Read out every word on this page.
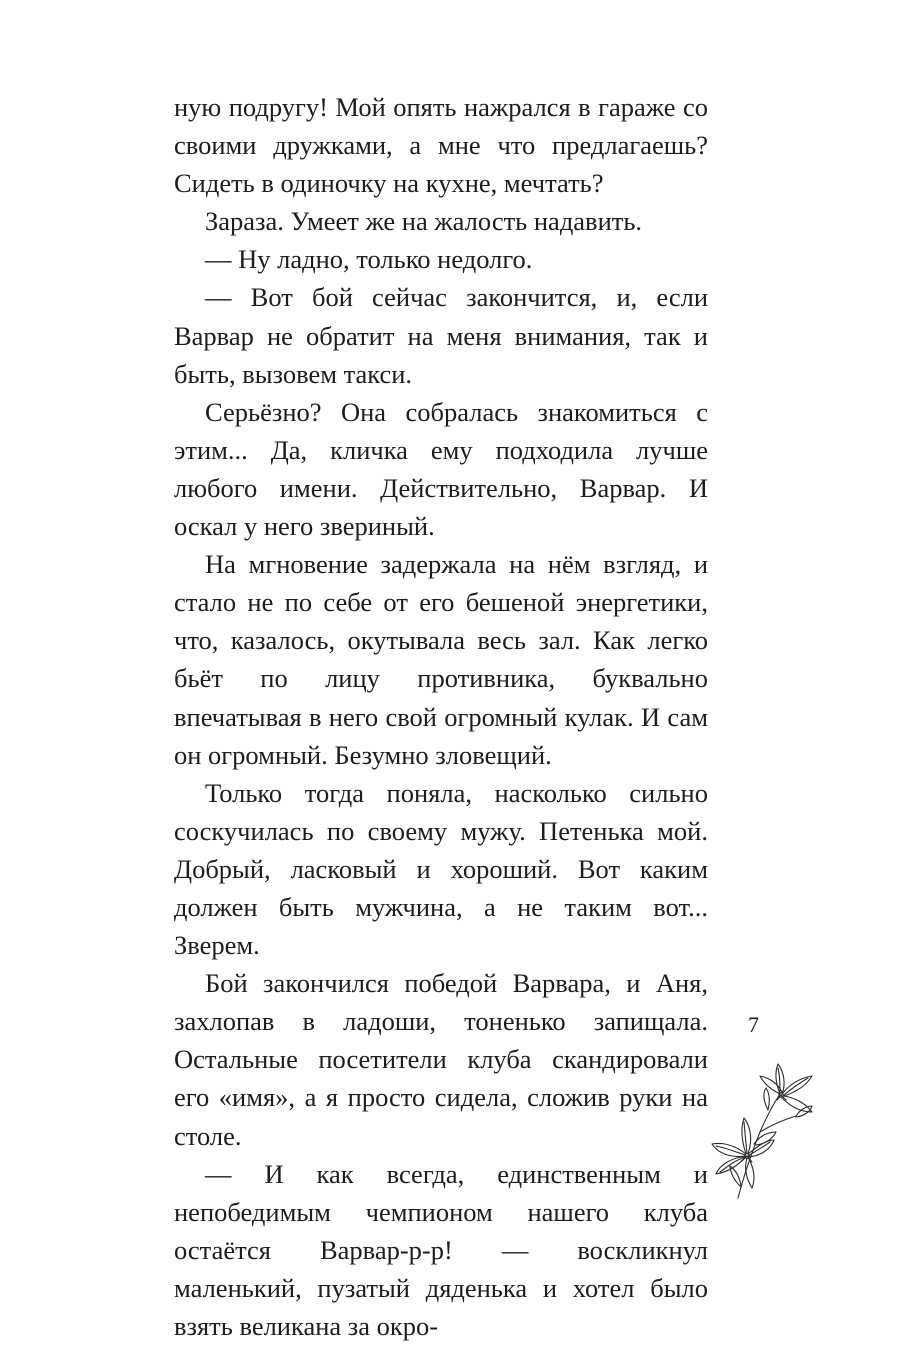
ную подругу! Мой опять нажрался в гараже со своими дружками, а мне что предлагаешь? Сидеть в одиночку на кухне, мечтать?

Зараза. Умеет же на жалость надавить.

— Ну ладно, только недолго.

— Вот бой сейчас закончится, и, если Варвар не обратит на меня внимания, так и быть, вызовем такси.

Серьёзно? Она собралась знакомиться с этим... Да, кличка ему подходила лучше любого имени. Действительно, Варвар. И оскал у него звериный.

На мгновение задержала на нём взгляд, и стало не по себе от его бешеной энергетики, что, казалось, окутывала весь зал. Как легко бьёт по лицу противника, буквально впечатывая в него свой огромный кулак. И сам он огромный. Безумно зловещий.

Только тогда поняла, насколько сильно соскучилась по своему мужу. Петенька мой. Добрый, ласковый и хороший. Вот каким должен быть мужчина, а не таким вот... Зверем.

Бой закончился победой Варвара, и Аня, захлопав в ладоши, тоненько запищала. Остальные посетители клуба скандировали его «имя», а я просто сидела, сложив руки на столе.

— И как всегда, единственным и непобедимым чемпионом нашего клуба остаётся Варвар-р-р! — воскликнул маленький, пузатый дяденька и хотел было взять великана за окро-

7
